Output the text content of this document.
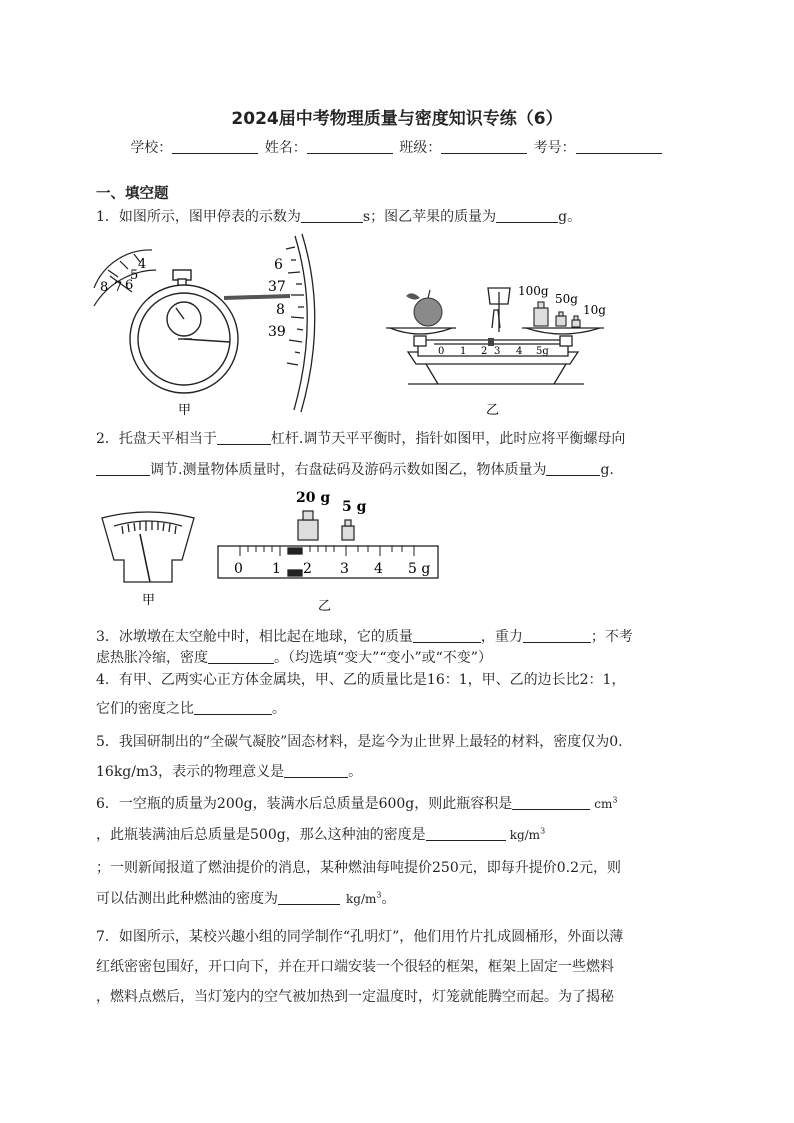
2024届中考物理质量与密度知识专练（6）
学校：	姓名：	班级：	考号：
一、填空题
1．如图所示，图甲停表的示数为	s；图乙苹果的质量为	g。
4
5
6
7
8
6
37
8
39
甲
100g
50g
10g
0 1 2 3 4 5g
乙
2．托盘天平相当于	杠杆.调节天平平衡时，指针如图甲，此时应将平衡螺母向
调节.测量物体质量时，右盘砝码及游码示数如图乙，物体质量为	g.
甲
0 1 2 3 4 5 g
20 g
5 g
乙
3．冰墩墩在太空舱中时，相比起在地球，它的质量	，重力	；不考
虑热胀冷缩，密度	。（均选填“变大”“变小”或“不变”）
4．有甲、乙两实心正方体金属块，甲、乙的质量比是16：1，甲、乙的边长比2：1，
它们的密度之比	。
5．我国研制出的“全碳气凝胶”固态材料，是迄今为止世界上最轻的材料，密度仅为0.
16kg/m3，表示的物理意义是	。
6．一空瓶的质量为200g，装满水后总质量是600g，则此瓶容积是	$cm^3$
，此瓶装满油后总质量是500g，那么这种油的密度是	$kg/m^3$
；一则新闻报道了燃油提价的消息，某种燃油每吨提价250元，即每升提价0.2元，则
可以估测出此种燃油的密度为	$kg/m^3$。
7．如图所示，某校兴趣小组的同学制作“孔明灯”，他们用竹片扎成圆桶形，外面以薄
红纸密密包围好，开口向下，并在开口端安装一个很轻的框架，框架上固定一些燃料
，燃料点燃后，当灯笼内的空气被加热到一定温度时，灯笼就能腾空而起。为了揭秘
